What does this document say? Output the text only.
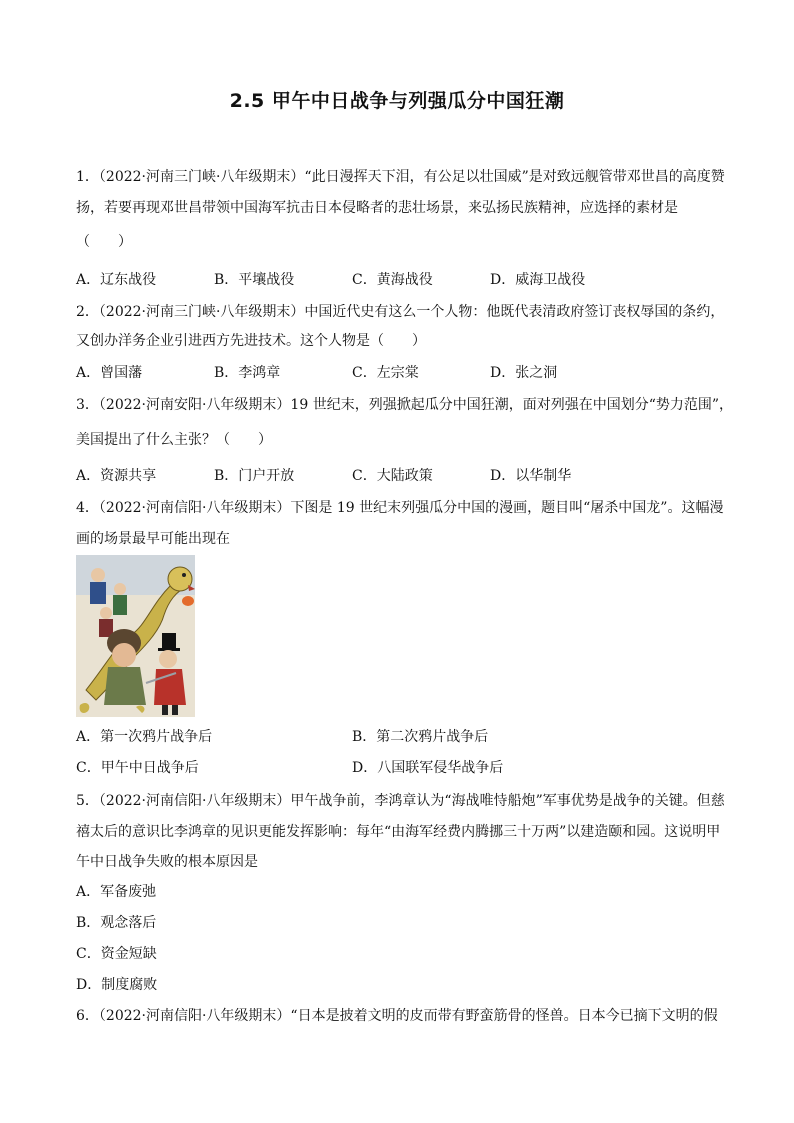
2.5 甲午中日战争与列强瓜分中国狂潮
1．（2022·河南三门峡·八年级期末）“此日漫挥天下泪，有公足以壮国威”是对致远舰管带邓世昌的高度赞
扬，若要再现邓世昌带领中国海军抗击日本侵略者的悲壮场景，来弘扬民族精神，应选择的素材是
（　　）
A．辽东战役	B．平壤战役	C．黄海战役	D．威海卫战役
2．（2022·河南三门峡·八年级期末）中国近代史有这么一个人物：他既代表清政府签订丧权辱国的条约，
又创办洋务企业引进西方先进技术。这个人物是（　　）
A．曾国藩	B．李鸿章	C．左宗棠	D．张之洞
3．（2022·河南安阳·八年级期末）19 世纪末，列强掀起瓜分中国狂潮，面对列强在中国划分“势力范围”，
美国提出了什么主张？（　　）
A．资源共享	B．门户开放	C．大陆政策	D．以华制华
4．（2022·河南信阳·八年级期末）下图是 19 世纪末列强瓜分中国的漫画，题目叫“屠杀中国龙”。这幅漫
画的场景最早可能出现在
A．第一次鸦片战争后	B．第二次鸦片战争后
C．甲午中日战争后	D．八国联军侵华战争后
5．（2022·河南信阳·八年级期末）甲午战争前，李鸿章认为“海战唯恃船炮”军事优势是战争的关键。但慈
禧太后的意识比李鸿章的见识更能发挥影响：每年“由海军经费内腾挪三十万两”以建造颐和园。这说明甲
午中日战争失败的根本原因是
A．军备废弛
B．观念落后
C．资金短缺
D．制度腐败
6．（2022·河南信阳·八年级期末）“日本是披着文明的皮而带有野蛮筋骨的怪兽。日本今已摘下文明的假
